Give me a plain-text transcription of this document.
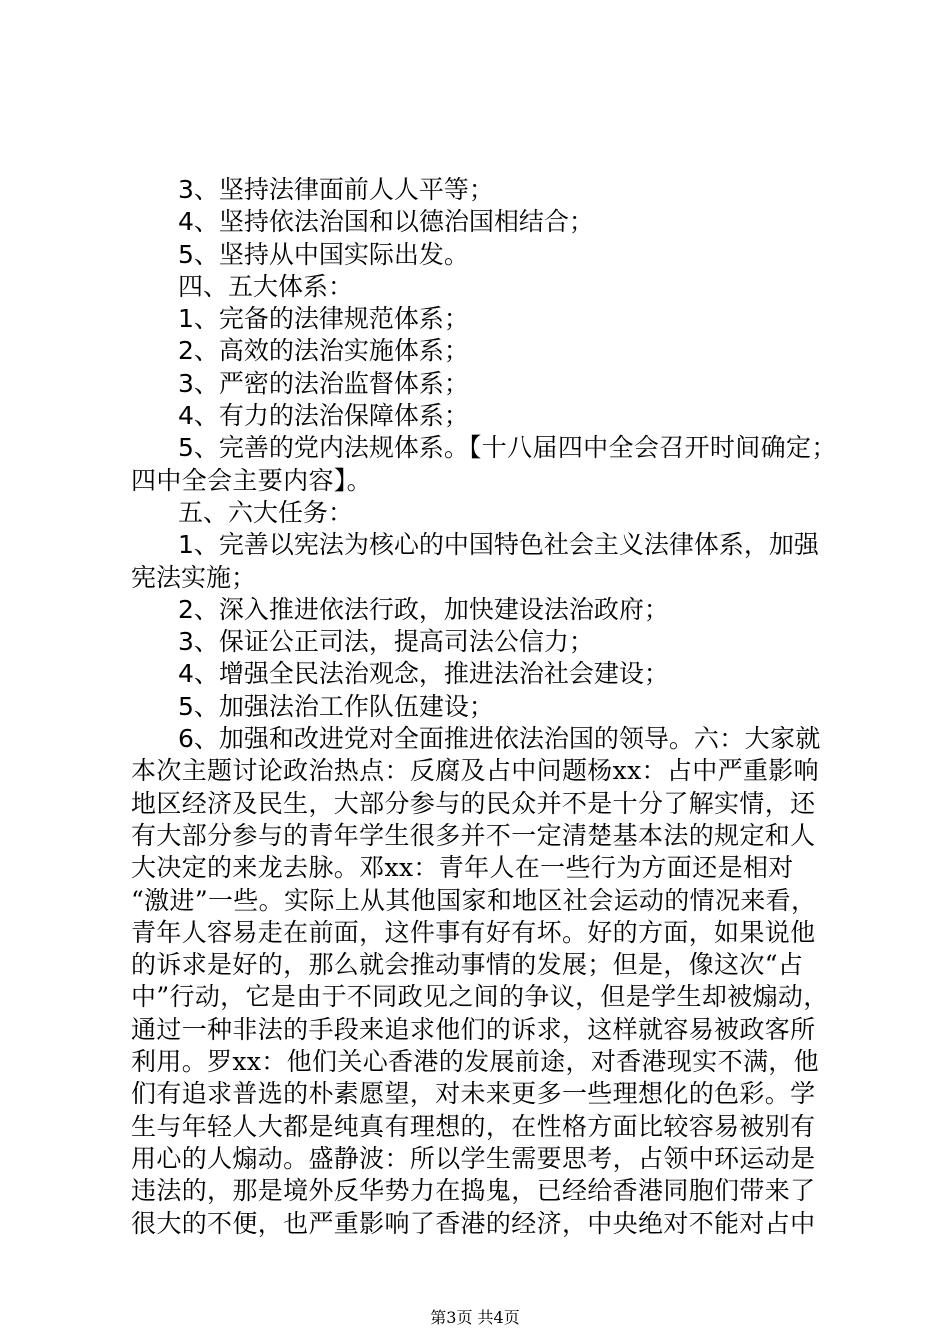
3、坚持法律面前人人平等；
4、坚持依法治国和以德治国相结合；
5、坚持从中国实际出发。
四、五大体系：
1、完备的法律规范体系；
2、高效的法治实施体系；
3、严密的法治监督体系；
4、有力的法治保障体系；
5、完善的党内法规体系。【十八届四中全会召开时间确定；
四中全会主要内容】。
五、六大任务：
1、完善以宪法为核心的中国特色社会主义法律体系，加强
宪法实施；
2、深入推进依法行政，加快建设法治政府；
3、保证公正司法，提高司法公信力；
4、增强全民法治观念，推进法治社会建设；
5、加强法治工作队伍建设；
6、加强和改进党对全面推进依法治国的领导。六：大家就
本次主题讨论政治热点：反腐及占中问题杨xx：占中严重影响
地区经济及民生，大部分参与的民众并不是十分了解实情，还
有大部分参与的青年学生很多并不一定清楚基本法的规定和人
大决定的来龙去脉。邓xx：青年人在一些行为方面还是相对
“激进”一些。实际上从其他国家和地区社会运动的情况来看，
青年人容易走在前面，这件事有好有坏。好的方面，如果说他
的诉求是好的，那么就会推动事情的发展；但是，像这次“占
中”行动，它是由于不同政见之间的争议，但是学生却被煽动，
通过一种非法的手段来追求他们的诉求，这样就容易被政客所
利用。罗xx：他们关心香港的发展前途，对香港现实不满，他
们有追求普选的朴素愿望，对未来更多一些理想化的色彩。学
生与年轻人大都是纯真有理想的，在性格方面比较容易被别有
用心的人煽动。盛静波：所以学生需要思考，占领中环运动是
违法的，那是境外反华势力在捣鬼，已经给香港同胞们带来了
很大的不便，也严重影响了香港的经济，中央绝对不能对占中
第3页 共4页
